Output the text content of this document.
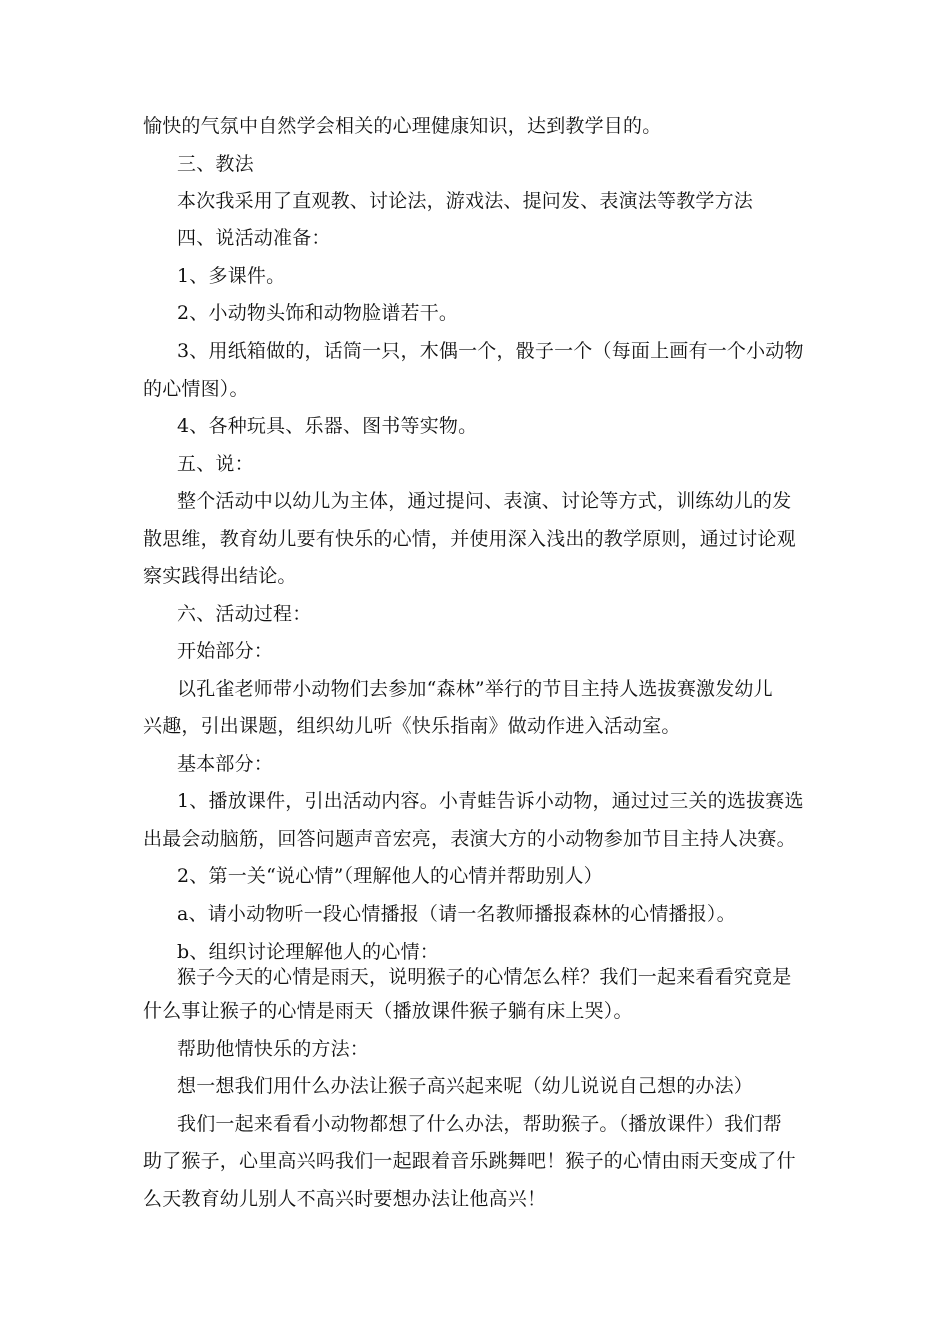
愉快的气氛中自然学会相关的心理健康知识，达到教学目的。
三、教法
本次我采用了直观教、讨论法，游戏法、提问发、表演法等教学方法
四、说活动准备：
1、多课件。
2、小动物头饰和动物脸谱若干。
3、用纸箱做的，话筒一只，木偶一个，骰子一个（每面上画有一个小动物
的心情图）。
4、各种玩具、乐器、图书等实物。
五、说：
整个活动中以幼儿为主体，通过提问、表演、讨论等方式，训练幼儿的发
散思维，教育幼儿要有快乐的心情，并使用深入浅出的教学原则，通过讨论观
察实践得出结论。
六、活动过程：
开始部分：
以孔雀老师带小动物们去参加“森林”举行的节目主持人选拔赛激发幼儿
兴趣，引出课题，组织幼儿听《快乐指南》做动作进入活动室。
基本部分：
1、播放课件，引出活动内容。小青蛙告诉小动物，通过过三关的选拔赛选
出最会动脑筋，回答问题声音宏亮，表演大方的小动物参加节目主持人决赛。
2、第一关“说心情”（理解他人的心情并帮助别人）
a、请小动物听一段心情播报（请一名教师播报森林的心情播报）。
b、组织讨论理解他人的心情：
猴子今天的心情是雨天，说明猴子的心情怎么样？我们一起来看看究竟是
什么事让猴子的心情是雨天（播放课件猴子躺有床上哭）。
帮助他情快乐的方法：
想一想我们用什么办法让猴子高兴起来呢（幼儿说说自己想的办法）
我们一起来看看小动物都想了什么办法，帮助猴子。（播放课件）我们帮
助了猴子，心里高兴吗我们一起跟着音乐跳舞吧！猴子的心情由雨天变成了什
么天教育幼儿别人不高兴时要想办法让他高兴！
